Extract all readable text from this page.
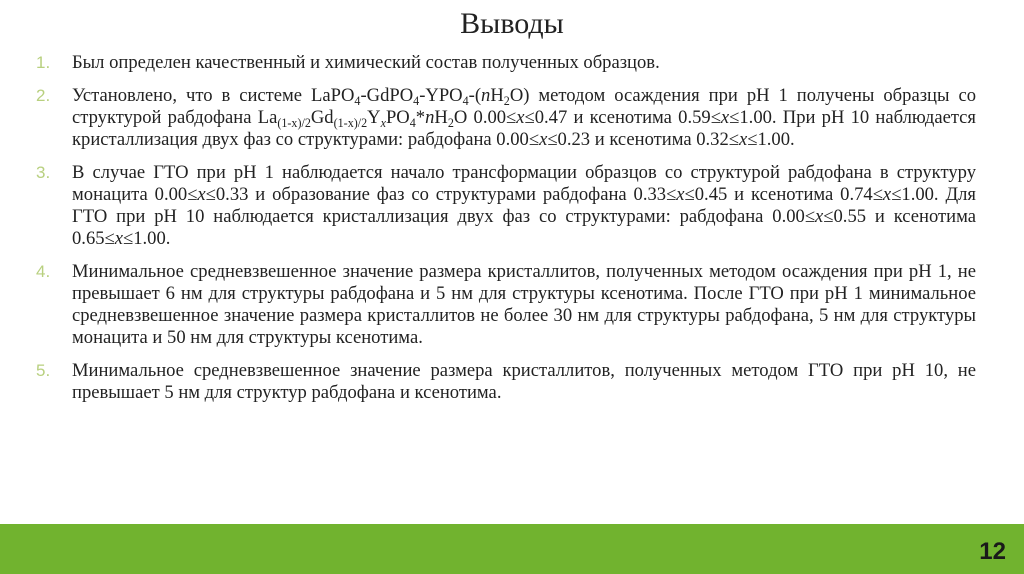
Выводы
1.	Был определен качественный и химический состав полученных образцов.
2.	Установлено, что в системе $LaPO_4-GdPO_4-YPO_4-(nH_2O)$ методом осаждения при pH 1 получены образцы со структурой рабдофана $La_{(1-x)/2}Gd_{(1-x)/2}Y_xPO_4*nH_2O$ 0.00≤x≤0.47 и ксенотима 0.59≤x≤1.00. При pH 10 наблюдается кристаллизация двух фаз со структурами: рабдофана 0.00≤x≤0.23 и ксенотима 0.32≤x≤1.00.
3.	В случае ГТО при pH 1 наблюдается начало трансформации образцов со структурой рабдофана в структуру монацита 0.00≤x≤0.33 и образование фаз со структурами рабдофана 0.33≤x≤0.45 и ксенотима 0.74≤x≤1.00. Для ГТО при pH 10 наблюдается кристаллизация двух фаз со структурами: рабдофана 0.00≤x≤0.55 и ксенотима 0.65≤x≤1.00.
4.	Минимальное средневзвешенное значение размера кристаллитов, полученных методом осаждения при pH 1, не превышает 6 нм для структуры рабдофана и 5 нм для структуры ксенотима. После ГТО при pH 1 минимальное средневзвешенное значение размера кристаллитов не более 30 нм для структуры рабдофана, 5 нм для структуры монацита и 50 нм для структуры ксенотима.
5.	Минимальное средневзвешенное значение размера кристаллитов, полученных методом ГТО при pH 10, не превышает 5 нм для структур рабдофана и ксенотима.
12
